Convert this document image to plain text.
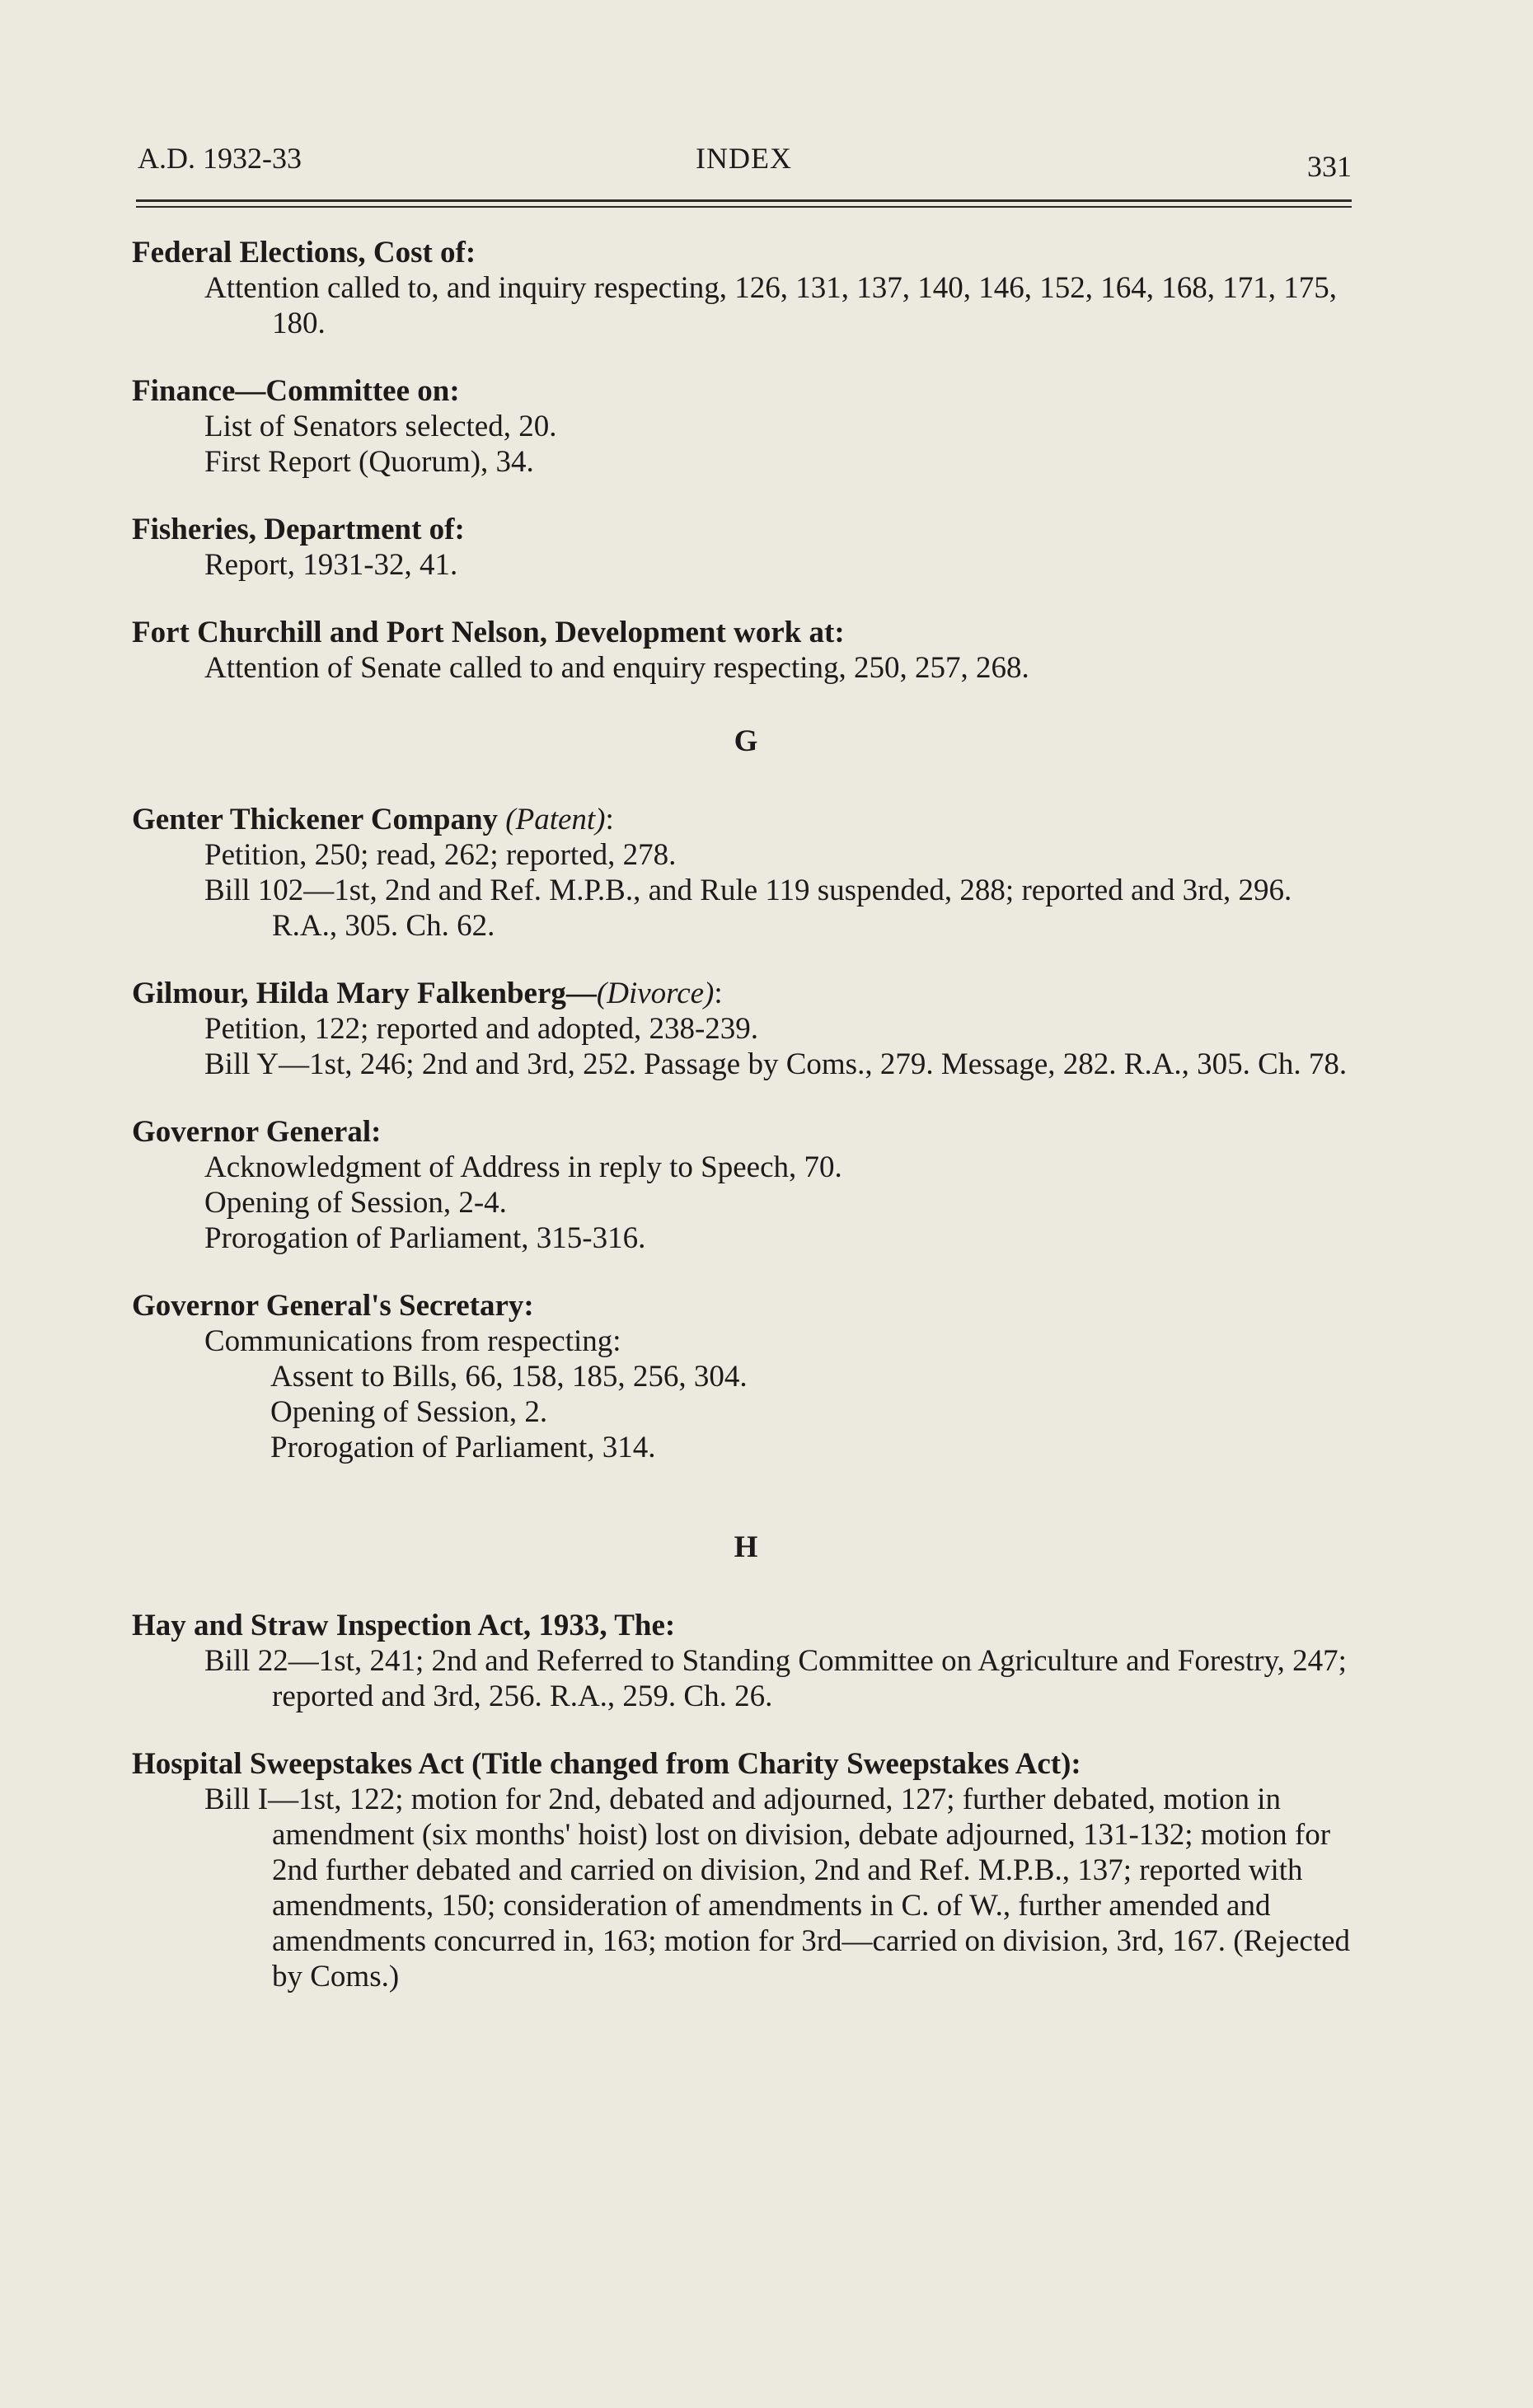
A.D. 1932-33	INDEX	331
Federal Elections, Cost of:
Attention called to, and inquiry respecting, 126, 131, 137, 140, 146, 152, 164, 168, 171, 175, 180.
Finance—Committee on:
List of Senators selected, 20.
First Report (Quorum), 34.
Fisheries, Department of:
Report, 1931-32, 41.
Fort Churchill and Port Nelson, Development work at:
Attention of Senate called to and enquiry respecting, 250, 257, 268.
G
Genter Thickener Company (Patent):
Petition, 250; read, 262; reported, 278.
Bill 102—1st, 2nd and Ref. M.P.B., and Rule 119 suspended, 288; reported and 3rd, 296. R.A., 305. Ch. 62.
Gilmour, Hilda Mary Falkenberg—(Divorce):
Petition, 122; reported and adopted, 238-239.
Bill Y—1st, 246; 2nd and 3rd, 252. Passage by Coms., 279. Message, 282. R.A., 305. Ch. 78.
Governor General:
Acknowledgment of Address in reply to Speech, 70.
Opening of Session, 2-4.
Prorogation of Parliament, 315-316.
Governor General's Secretary:
Communications from respecting:
Assent to Bills, 66, 158, 185, 256, 304.
Opening of Session, 2.
Prorogation of Parliament, 314.
H
Hay and Straw Inspection Act, 1933, The:
Bill 22—1st, 241; 2nd and Referred to Standing Committee on Agriculture and Forestry, 247; reported and 3rd, 256. R.A., 259. Ch. 26.
Hospital Sweepstakes Act (Title changed from Charity Sweepstakes Act):
Bill I—1st, 122; motion for 2nd, debated and adjourned, 127; further debated, motion in amendment (six months' hoist) lost on division, debate adjourned, 131-132; motion for 2nd further debated and carried on division, 2nd and Ref. M.P.B., 137; reported with amendments, 150; consideration of amendments in C. of W., further amended and amendments concurred in, 163; motion for 3rd—carried on division, 3rd, 167. (Rejected by Coms.)
